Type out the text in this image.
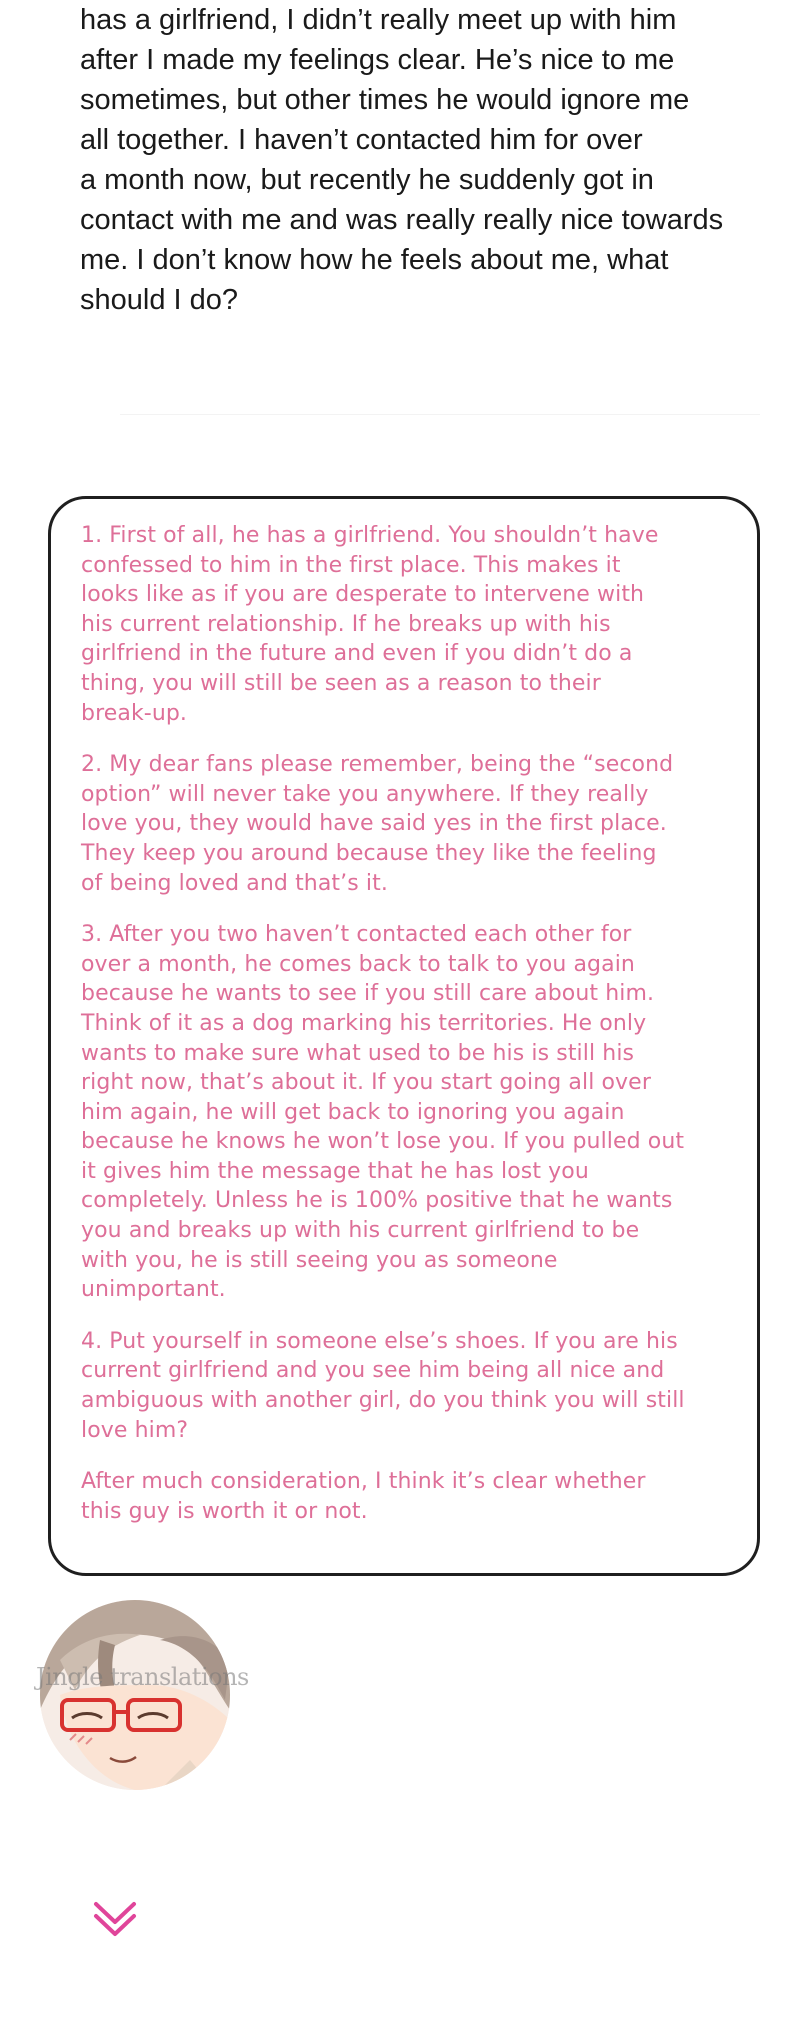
has a girlfriend, I didn’t really meet up with him
after I made my feelings clear. He’s nice to me
sometimes, but other times he would ignore me
all together. I haven’t contacted him for over
a month now, but recently he suddenly got in
contact with me and was really really nice towards
me. I don’t know how he feels about me, what
should I do?

1. First of all, he has a girlfriend. You shouldn’t have
confessed to him in the first place. This makes it
looks like as if you are desperate to intervene with
his current relationship. If he breaks up with his
girlfriend in the future and even if you didn’t do a
thing, you will still be seen as a reason to their
break-up.

2. My dear fans please remember, being the “second
option” will never take you anywhere. If they really
love you, they would have said yes in the first place.
They keep you around because they like the feeling
of being loved and that’s it.

3. After you two haven’t contacted each other for
over a month, he comes back to talk to you again
because he wants to see if you still care about him.
Think of it as a dog marking his territories. He only
wants to make sure what used to be his is still his
right now, that’s about it. If you start going all over
him again, he will get back to ignoring you again
because he knows he won’t lose you. If you pulled out
it gives him the message that he has lost you
completely. Unless he is 100% positive that he wants
you and breaks up with his current girlfriend to be
with you, he is still seeing you as someone
unimportant.

4. Put yourself in someone else’s shoes. If you are his
current girlfriend and you see him being all nice and
ambiguous with another girl, do you think you will still
love him?

After much consideration, I think it’s clear whether
this guy is worth it or not.

Jingle translations
